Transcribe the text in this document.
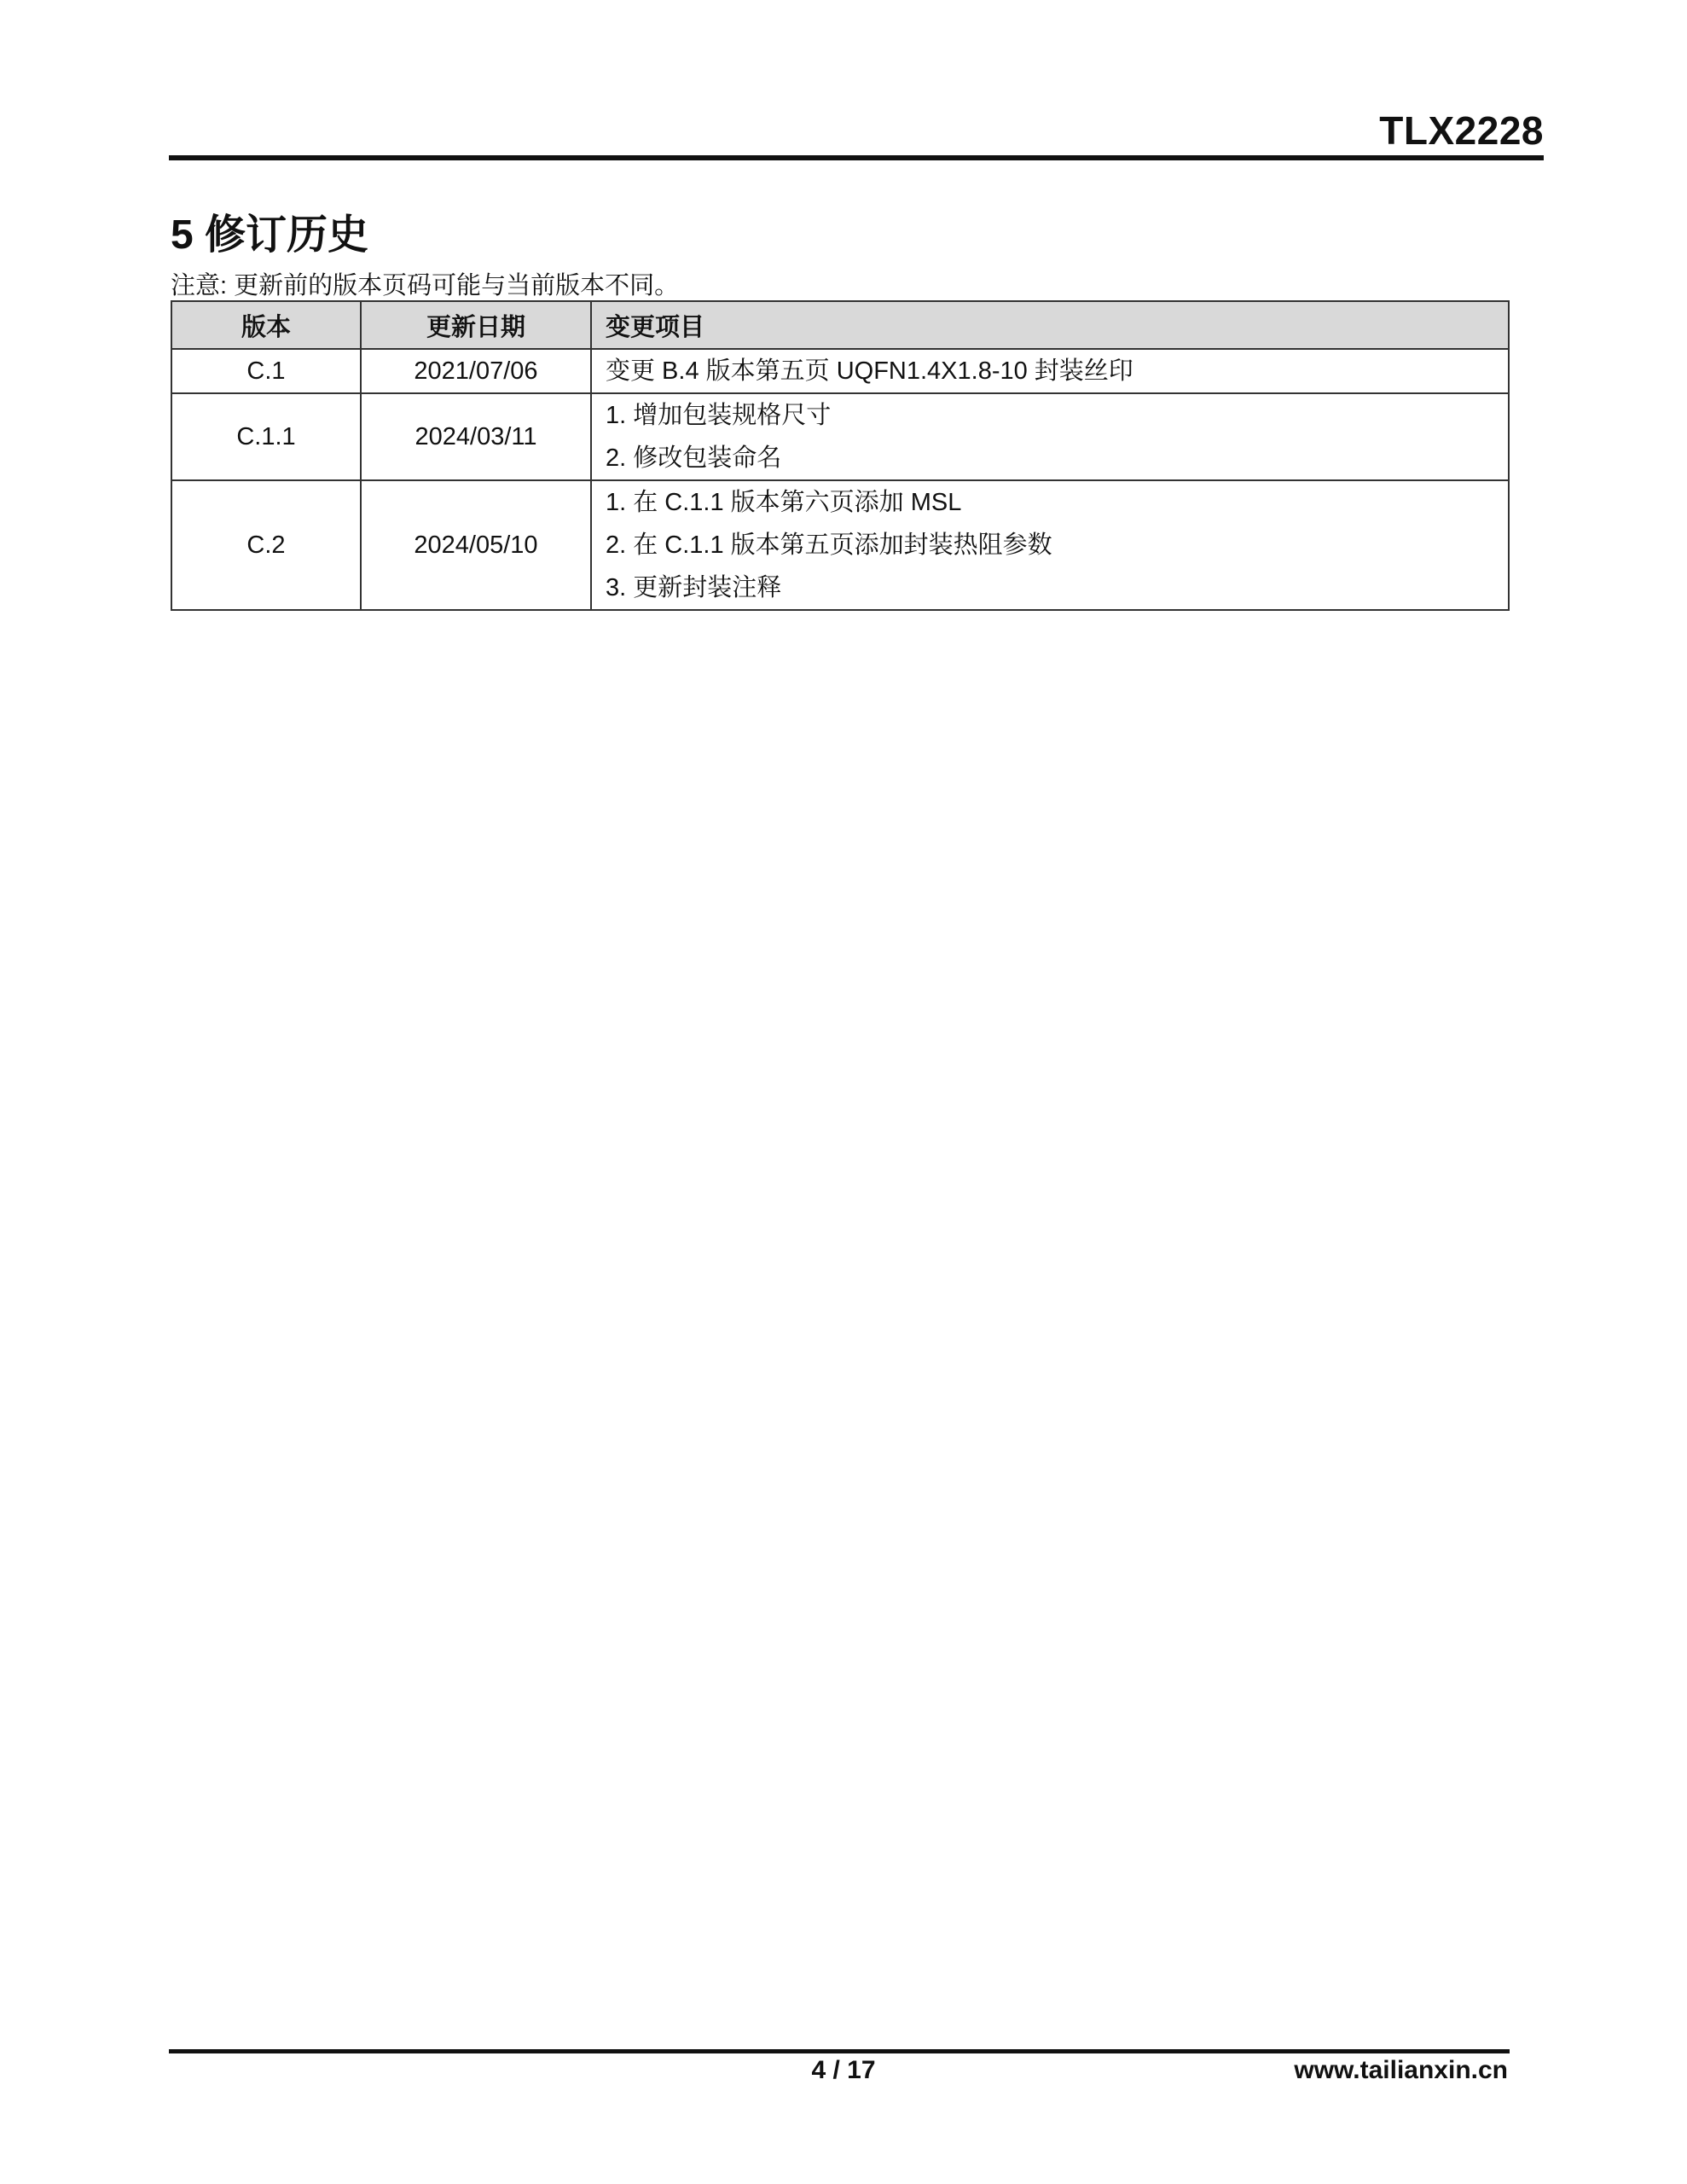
TLX2228
5 修订历史
注意: 更新前的版本页码可能与当前版本不同。
版本	更新日期	变更项目
C.1	2021/07/06	变更 B.4 版本第五页 UQFN1.4X1.8-10 封装丝印

C.1.1	2024/03/11	1. 增加包装规格尺寸
2. 修改包装命名

C.2	2024/05/10	1. 在 C.1.1 版本第六页添加 MSL
2. 在 C.1.1 版本第五页添加封装热阻参数
3. 更新封装注释
4 / 17	www.tailianxin.cn
